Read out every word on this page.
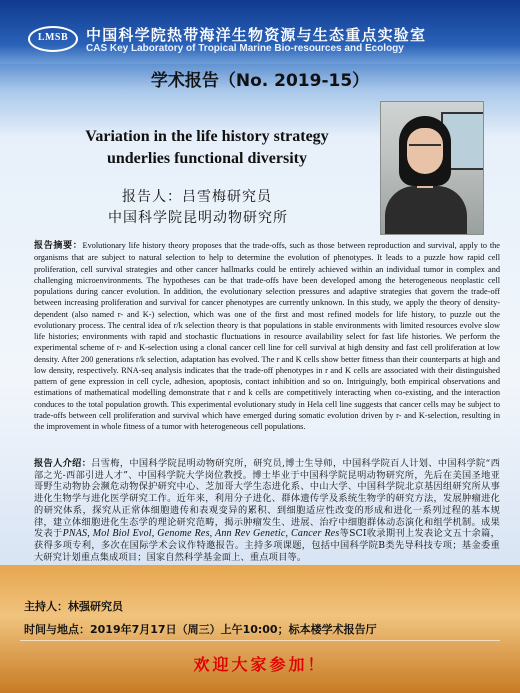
LMSB	中国科学院热带海洋生物资源与生态重点实验室
CAS Key Laboratory of Tropical Marine Bio-resources and Ecology
学术报告（No. 2019-15）
Variation in the life history strategy underlies functional diversity
报告人：吕雪梅研究员
中国科学院昆明动物研究所
报告摘要：Evolutionary life history theory proposes that the trade-offs, such as those between reproduction and survival, apply to the organisms that are subject to natural selection to help to determine the evolution of phenotypes. It leads to a puzzle how rapid cell proliferation, cell survival strategies and other cancer hallmarks could be entirely achieved within an individual tumor in complex and challenging microenvironments. The hypotheses can be that trade-offs have been developed among the heterogeneous neoplastic cell populations during cancer evolution. In addition, the evolutionary selection pressures and adaptive strategies that govern the trade-off between increasing proliferation and survival for cancer phenotypes are currently unknown. In this study, we apply the theory of density-dependent (also named r- and K-) selection, which was one of the first and most refined models for life history, to puzzle out the evolutionary process. The central idea of r/k selection theory is that populations in stable environments with limited resources evolve slow life histories; environments with rapid and stochastic fluctuations in resource availability select for fast life histories. We perform the experimental scheme of r- and K-selection using a clonal cancer cell line for cell survival at high density and fast cell proliferation at low density. After 200 generations r/k selection, adaptation has evolved. The r and K cells show better fitness than their counterparts at high and low density, respectively. RNA-seq analysis indicates that the trade-off phenotypes in r and K cells are associated with their distinguished pattern of gene expression in cell cycle, adhesion, apoptosis, contact inhibition and so on. Intriguingly, both empirical observations and estimations of mathematical modelling demonstrate that r and k cells are competitively interacting when co-existing, and the interaction conduces to the total population growth. This experimental evolutionary study in Hela cell line suggests that cancer cells may be subject to trade-offs between cell proliferation and survival which have emerged during somatic evolution driven by r- and K-selection, resulting in the improvement in whole fitness of a tumor with heterogeneous cell populations.
报告人介绍：吕雪梅，中国科学院昆明动物研究所，研究员,博士生导师，中国科学院百人计划、中国科学院“西部之光-西部引进人才”、中国科学院大学岗位教授。博士毕业于中国科学院昆明动物研究所，先后在美国圣地亚哥野生动物协会濒危动物保护研究中心、芝加哥大学生态进化系、中山大学、中国科学院北京基因组研究所从事进化生物学与进化医学研究工作。近年来，利用分子进化、群体遗传学及系统生物学的研究方法，发展肿瘤进化的研究体系，探究从正常体细胞遗传和表观变异的累积、到细胞适应性改变的形成和进化一系列过程的基本规律，建立体细胞进化生态学的理论研究范畴，揭示肿瘤发生、进展、治疗中细胞群体动态演化和组学机制。成果发表于PNAS, Mol Biol Evol, Genome Res, Ann Rev Genetic, Cancer Res等SCI收录期刊上发表论文五十余篇，获得多项专利，多次在国际学术会议作特邀报告。主持多项课题，包括中国科学院B类先导科技专项；基金委重大研究计划重点集成项目；国家自然科学基金面上、重点项目等。
主持人：林强研究员
时间与地点：2019年7月17日（周三）上午10:00；标本楼学术报告厅
欢迎大家参加！
